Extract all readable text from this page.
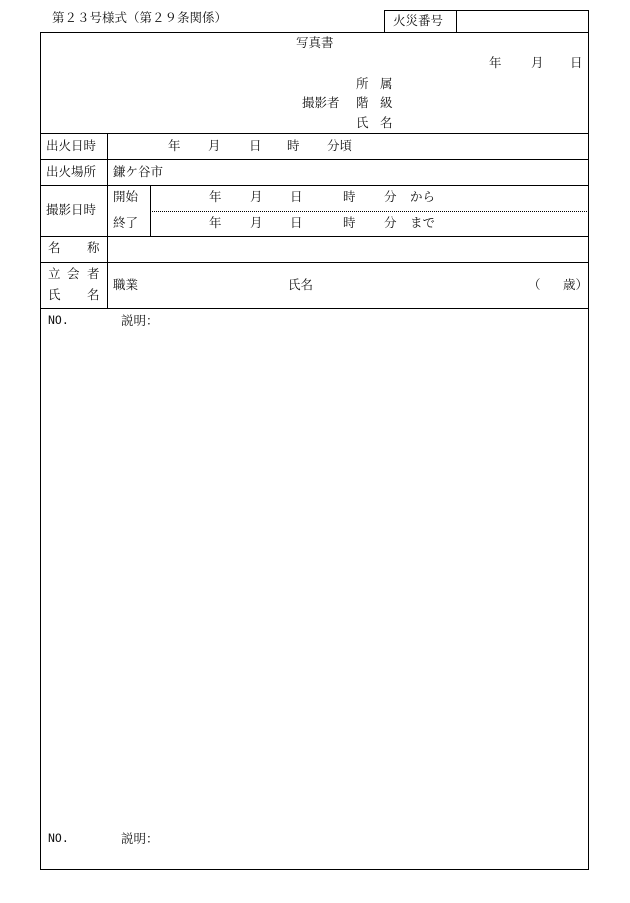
第２３号様式（第２９条関係）	火災番号
写真書
年 月 日
所 属
撮影者 階 級
氏 名
出火日時	年 月 日 時 分頃
出火場所 鎌ケ谷市
撮影日時
開始	年 月 日	時 分 から
終了	年 月 日	時 分 まで
名 称
立 会 者
氏 名
職業	氏名	（ 歳）
NO.	説明：
NO.	説明：
